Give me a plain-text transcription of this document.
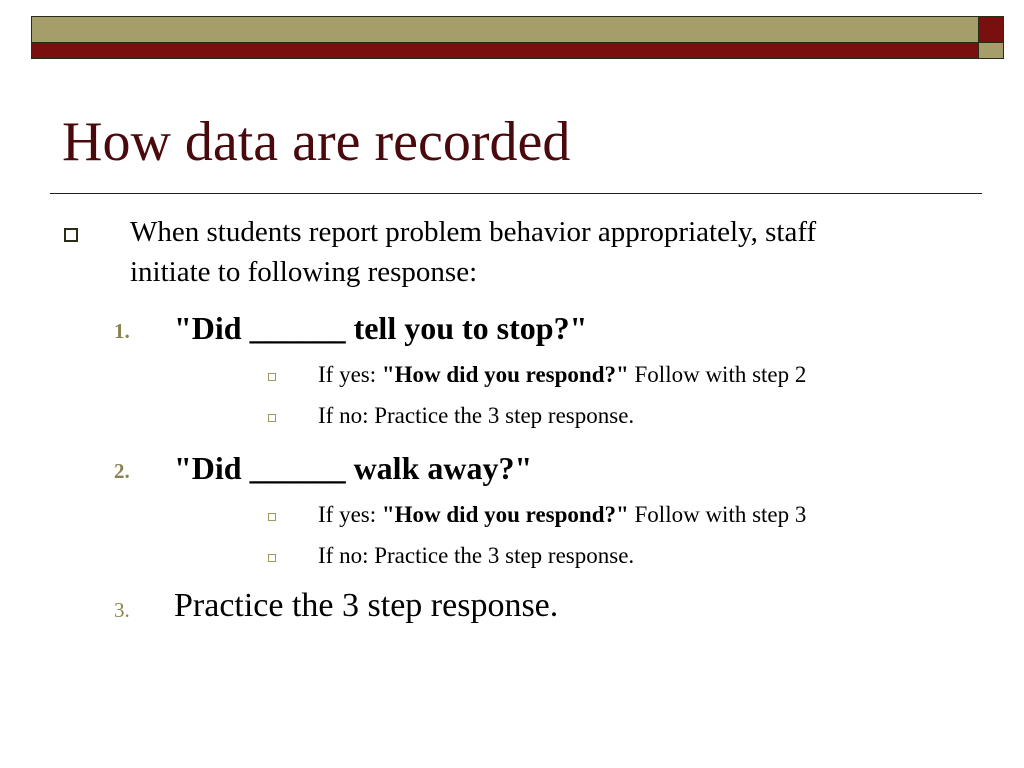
How data are recorded

When students report problem behavior appropriately, staff

initiate to following response:

1. "Did ______ tell you to stop?"

If yes: "How did you respond?" Follow with step 2

If no: Practice the 3 step response.

2. "Did ______ walk away?"

If yes: "How did you respond?" Follow with step 3

If no: Practice the 3 step response.

3. Practice the 3 step response.
